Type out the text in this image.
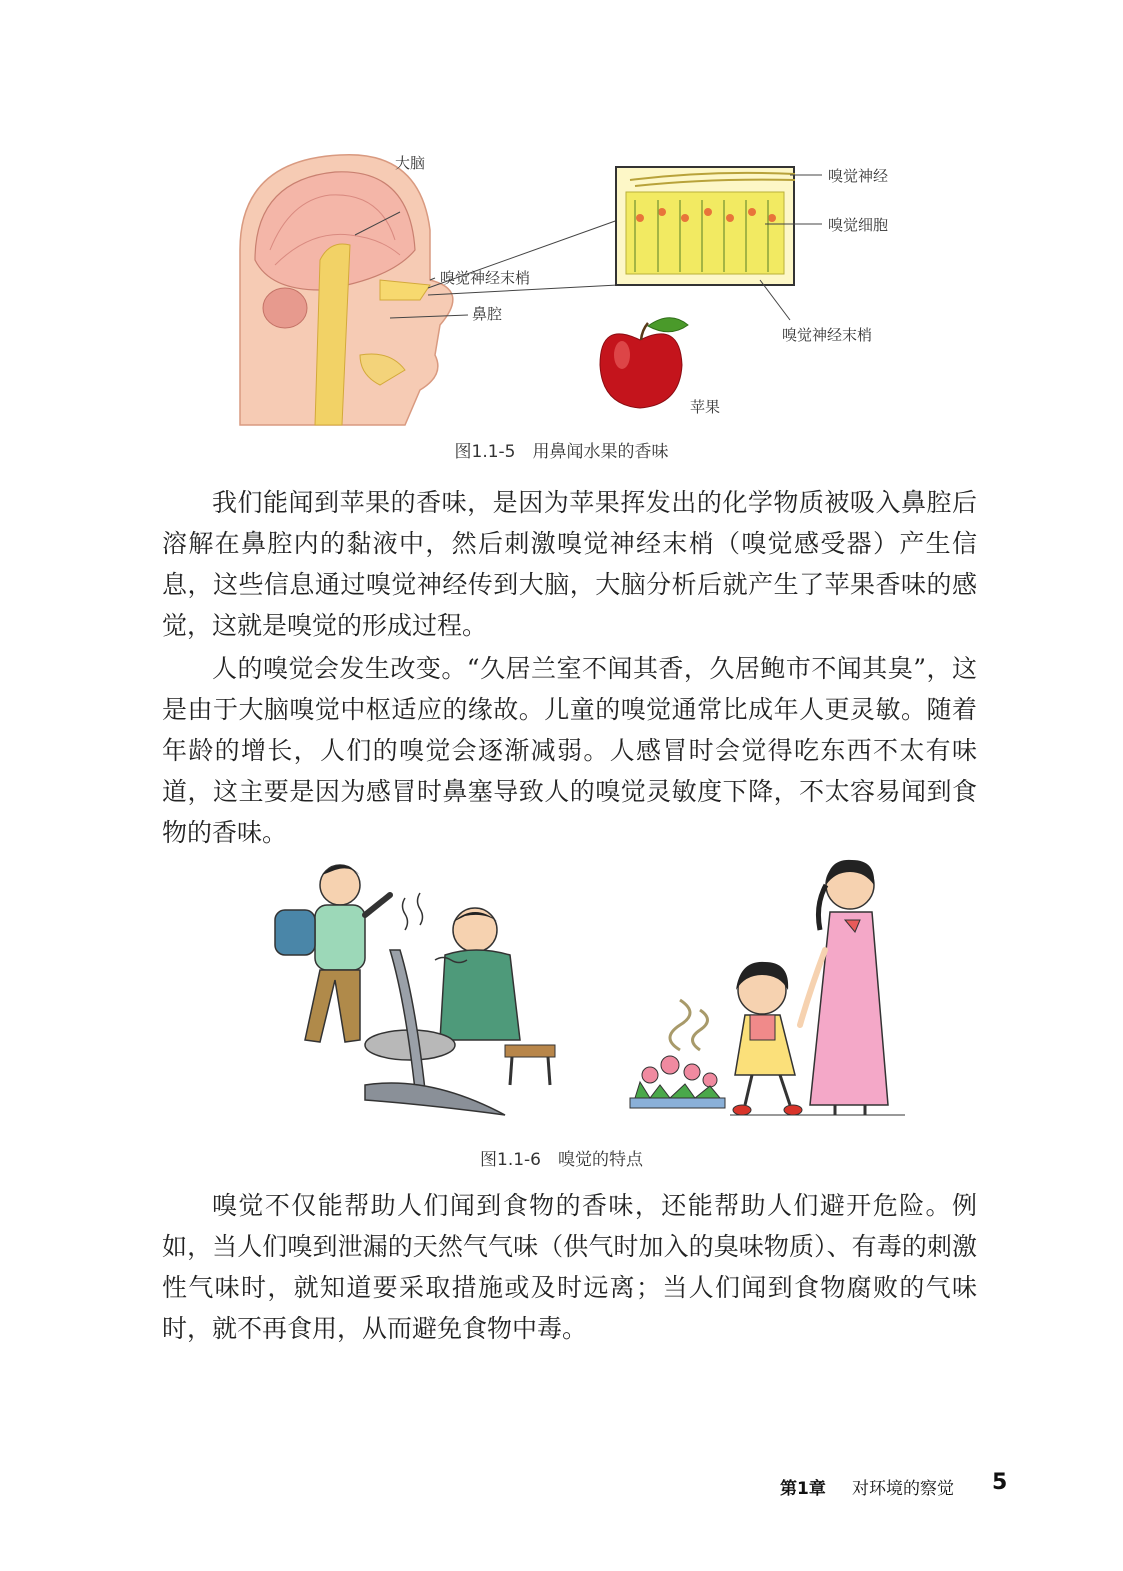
大脑
嗅觉神经末梢
鼻腔
嗅觉神经
嗅觉细胞
嗅觉神经末梢
苹果
图1.1-5　用鼻闻水果的香味

我们能闻到苹果的香味，是因为苹果挥发出的化学物质被吸入鼻腔后溶解在鼻腔内的黏液中，然后刺激嗅觉神经末梢（嗅觉感受器）产生信息，这些信息通过嗅觉神经传到大脑，大脑分析后就产生了苹果香味的感觉，这就是嗅觉的形成过程。

人的嗅觉会发生改变。“久居兰室不闻其香，久居鲍市不闻其臭”，这是由于大脑嗅觉中枢适应的缘故。儿童的嗅觉通常比成年人更灵敏。随着年龄的增长，人们的嗅觉会逐渐减弱。人感冒时会觉得吃东西不太有味道，这主要是因为感冒时鼻塞导致人的嗅觉灵敏度下降，不太容易闻到食物的香味。

图1.1-6　嗅觉的特点

嗅觉不仅能帮助人们闻到食物的香味，还能帮助人们避开危险。例如，当人们嗅到泄漏的天然气气味（供气时加入的臭味物质）、有毒的刺激性气味时，就知道要采取措施或及时远离；当人们闻到食物腐败的气味时，就不再食用，从而避免食物中毒。

第1章 对环境的察觉 5
